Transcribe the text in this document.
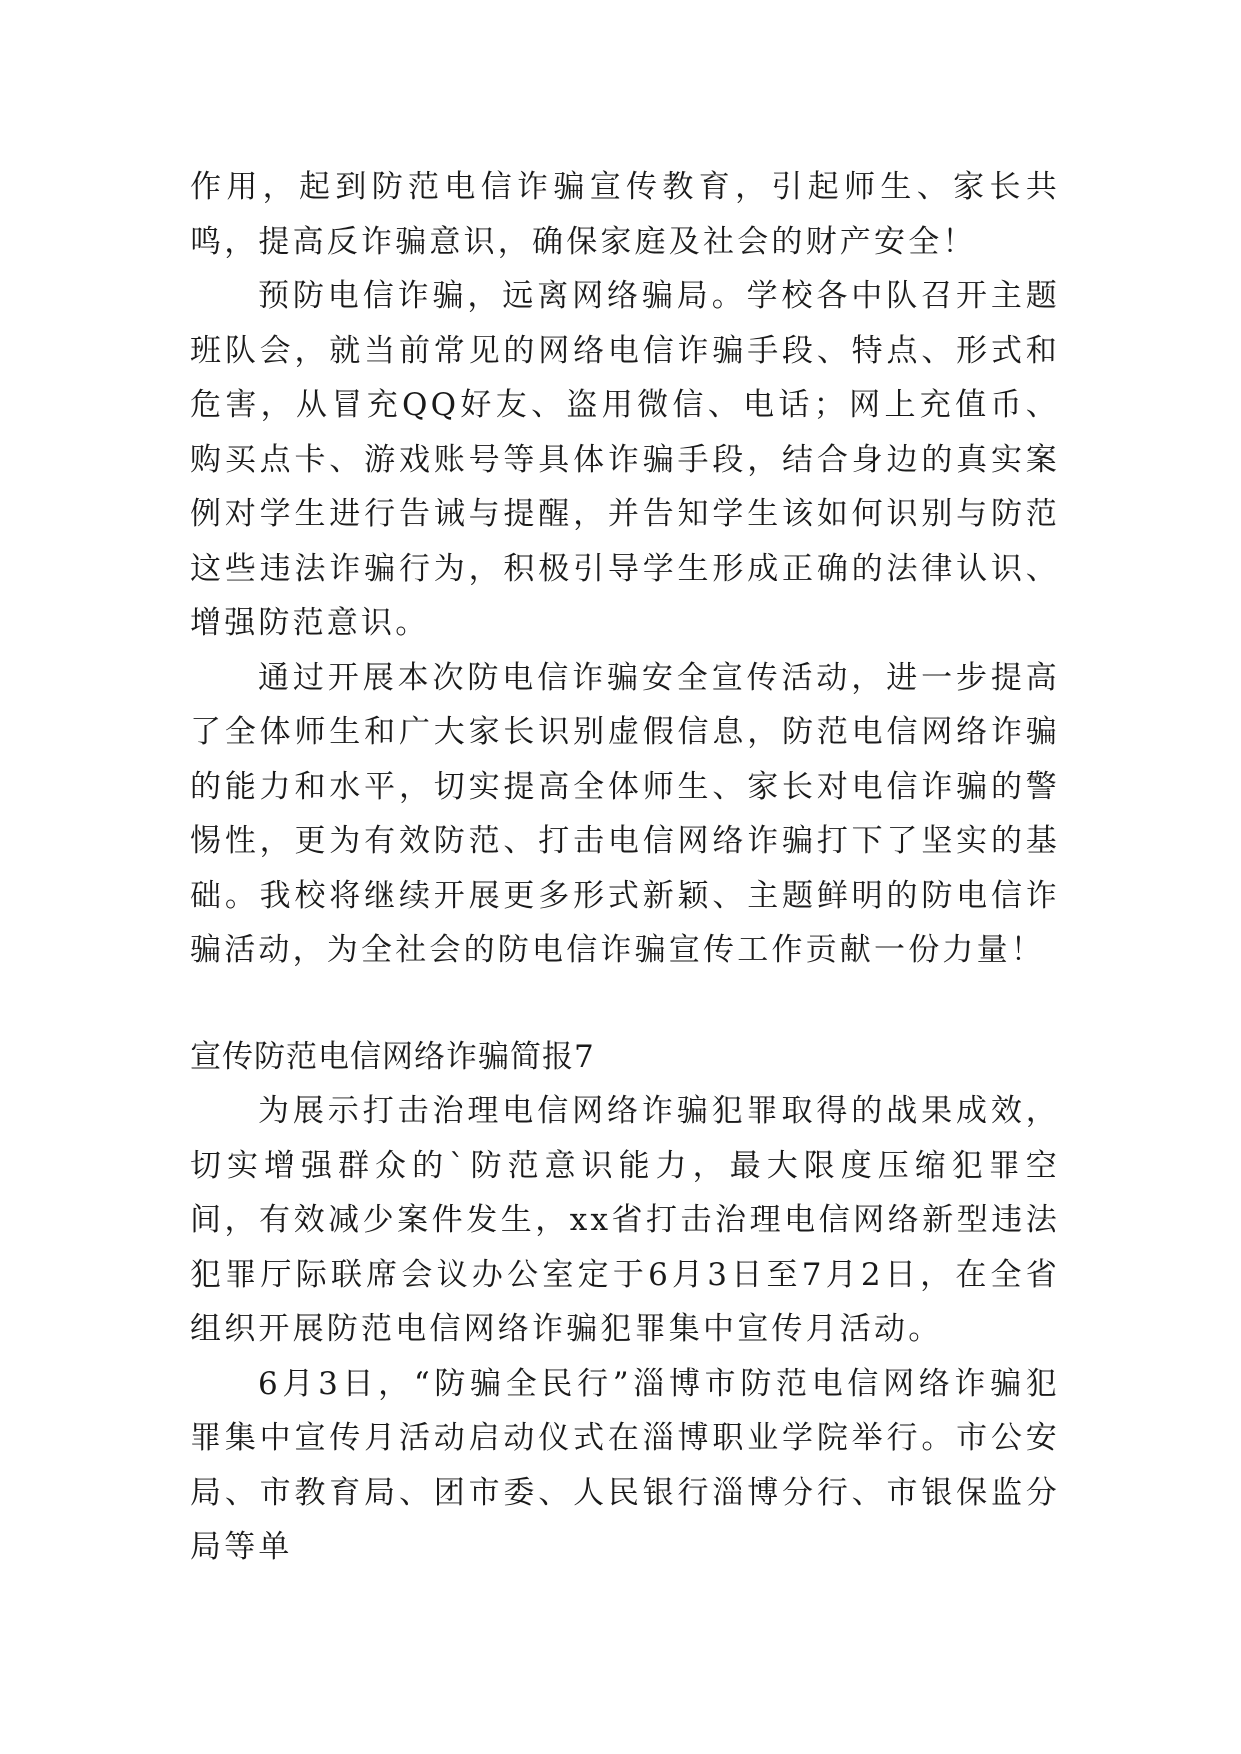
作用，起到防范电信诈骗宣传教育，引起师生、家长共鸣，提高反诈骗意识，确保家庭及社会的财产安全！

预防电信诈骗，远离网络骗局。学校各中队召开主题班队会，就当前常见的网络电信诈骗手段、特点、形式和危害，从冒充QQ好友、盗用微信、电话；网上充值币、购买点卡、游戏账号等具体诈骗手段，结合身边的真实案例对学生进行告诫与提醒，并告知学生该如何识别与防范这些违法诈骗行为，积极引导学生形成正确的法律认识、增强防范意识。

通过开展本次防电信诈骗安全宣传活动，进一步提高了全体师生和广大家长识别虚假信息，防范电信网络诈骗的能力和水平，切实提高全体师生、家长对电信诈骗的警惕性，更为有效防范、打击电信网络诈骗打下了坚实的基础。我校将继续开展更多形式新颖、主题鲜明的防电信诈骗活动，为全社会的防电信诈骗宣传工作贡献一份力量！

宣传防范电信网络诈骗简报7

为展示打击治理电信网络诈骗犯罪取得的战果成效，切实增强群众的`防范意识能力，最大限度压缩犯罪空间，有效减少案件发生，xx省打击治理电信网络新型违法犯罪厅际联席会议办公室定于6月3日至7月2日，在全省组织开展防范电信网络诈骗犯罪集中宣传月活动。

6月3日，“防骗全民行”淄博市防范电信网络诈骗犯罪集中宣传月活动启动仪式在淄博职业学院举行。市公安局、市教育局、团市委、人民银行淄博分行、市银保监分局等单
